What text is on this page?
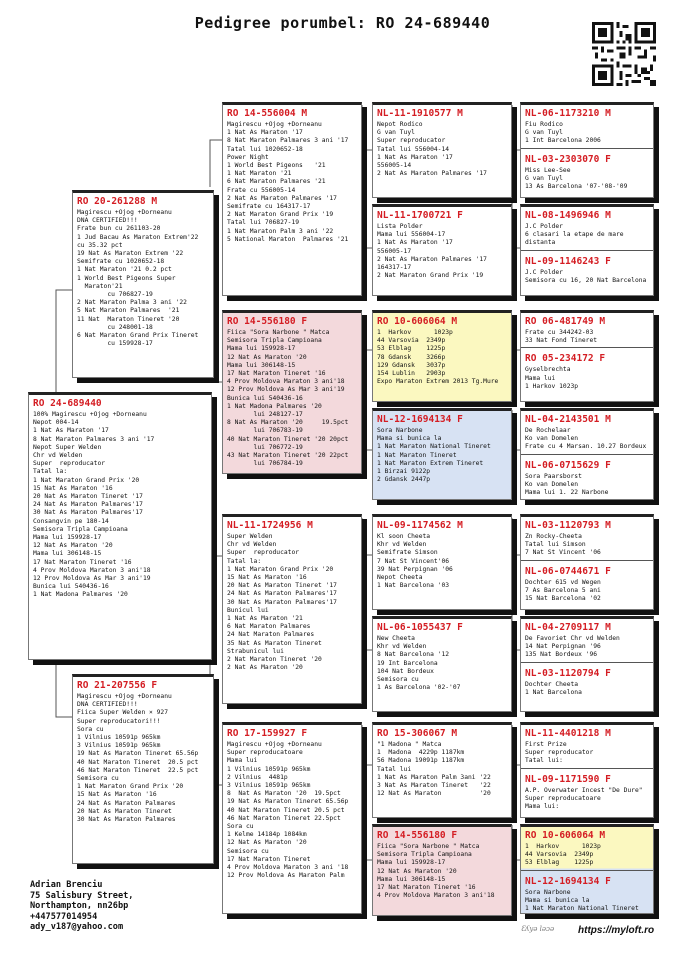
Pedigree porumbel: RO 24-689440
RO 24-689440
100% Magirescu +Ojog +Dorneanu
Nepot 004-14
1 Nat As Maraton '17
8 Nat Maraton Palmares 3 ani '17
Nepot Super Welden
Chr vd Welden
Super  reproducator
Tatal la:
1 Nat Maraton Grand Prix '20
15 Nat As Maraton '16
20 Nat As Maraton Tineret '17
24 Nat As Maraton Palmares'17
30 Nat As Maraton Palmares'17
Consangvin pe 180-14
Semisora Tripla Campioana
Mama lui 159928-17
12 Nat As Maraton '20
Mama lui 306148-15
17 Nat Maraton Tineret '16
4 Prov Moldova Maraton 3 ani'18
12 Prov Moldova As Mar 3 ani'19
Bunica lui 540436-16
1 Nat Madona Palmares '20
RO 20-261288 M
Magirescu +Ojog +Dorneanu
DNA CERTIFIED!!!
Frate bun cu 261103-20
1 Jud Bacau As Maraton Extrem'22
cu 35.32 pct
19 Nat As Maraton Extrem '22
Semifrate cu 1020652-18
1 Nat Maraton '21 0.2 pct
1 World Best Pigeons Super
Maraton'21
cu 706827-19
2 Nat Maraton Palma 3 ani '22
5 Nat Maraton Palmares  '21
11 Nat  Maraton Tineret '20
cu 248001-18
6 Nat Maraton Grand Prix Tineret
cu 159928-17
RO 21-207556 F
Magirescu +Ojog +Dorneanu
DNA CERTIFIED!!!
Fiica Super Welden × 927
Super reproducatori!!!
Sora cu
1 Vilnius 10591p 965km
3 Vilnius 10591p 965km
19 Nat As Maraton Tineret 65.56p
40 Nat Maraton Tineret  20.5 pct
46 Nat Maraton Tineret  22.5 pct
Semisora cu
1 Nat Maraton Grand Prix '20
15 Nat As Maraton '16
24 Nat As Maraton Palmares
20 Nat As Maraton Tineret
30 Nat As Maraton Palmares
RO 14-556004 M
Magirescu +Ojog +Dorneanu
1 Nat As Maraton '17
8 Nat Maraton Palmares 3 ani '17
Tatal lui 1020652-18
Power Night
1 World Best Pigeons   '21
1 Nat Maraton '21
6 Nat Maraton Palmares '21
Frate cu 556005-14
2 Nat As Maraton Palmares '17
Semifrate cu 164317-17
2 Nat Maraton Grand Prix '19
Tatal lui 706827-19
1 Nat Maraton Palm 3 ani '22
5 National Maraton  Palmares '21
RO 14-556180 F
Fiica "Sora Narbone " Matca
Semisora Tripla Campioana
Mama lui 159928-17
12 Nat As Maraton '20
Mama lui 306148-15
17 Nat Maraton Tineret '16
4 Prov Moldova Maraton 3 ani'18
12 Prov Moldova As Mar 3 ani'19
Bunica lui 540436-16
1 Nat Madona Palmares '20
lui 248127-17
8 Nat As Maraton '20     19.5pct
lui 706783-19
40 Nat Maraton Tineret '20 20pct
lui 706772-19
43 Nat Maraton Tineret '20 22pct
lui 706784-19
NL-11-1724956 M
Super Welden
Chr vd Welden
Super  reproducator
Tatal la:
1 Nat Maraton Grand Prix '20
15 Nat As Maraton '16
20 Nat As Maraton Tineret '17
24 Nat As Maraton Palmares'17
30 Nat As Maraton Palmares'17
Bunicul lui
1 Nat As Maraton '21
6 Nat Maraton Palmares
24 Nat Maraton Palmares
35 Nat As Maraton Tineret
Strabunicul lui
2 Nat Maraton Tineret '20
2 Nat As Maraton '20
RO 17-159927 F
Magirescu +Ojog +Dorneanu
Super reproducatoare
Mama lui
1 Vilnius 10591p 965km
2 Vilnius  4481p
3 Vilnius 10591p 965km
8  Nat As Maraton '20  19.5pct
19 Nat As Maraton Tineret 65.56p
40 Nat Maraton Tineret 20.5 pct
46 Nat Maraton Tineret 22.5pct
Sora cu
1 Kelme 14184p 1084km
12 Nat As Maraton '20
Semisora cu
17 Nat Maraton Tineret
4 Prov Moldova Maraton 3 ani '18
12 Prov Moldova As Maraton Palm
NL-11-1910577 M
Nepot Rodico
G van Tuyl
Super reproducator
Tatal lui 556004-14
1 Nat As Maraton '17
556005-14
2 Nat As Maraton Palmares '17
NL-11-1700721 F
Lista Polder
Mama lui 556004-17
1 Nat As Maraton '17
556005-17
2 Nat As Maraton Palmares '17
164317-17
2 Nat Maraton Grand Prix '19
RO 10-606064 M
1  Harkov      1023p
44 Varsovia  2349p
53 Elblag    1225p
78 Gdansk    3266p
129 Gdansk   3037p
154 Lublin   2903p
Expo Maraton Extrem 2013 Tg.Mure
NL-12-1694134 F
Sora Narbone
Mama si bunica la
1 Nat Maraton National Tineret
1 Nat Maraton Tineret
1 Nat Maraton Extrem Tineret
1 Birzai 9122p
2 Gdansk 2447p
NL-09-1174562 M
Kl soon Cheeta
Khr vd Welden
Semifrate Simson
7 Nat St Vincent'06
39 Nat Perpignan '06
Nepot Cheeta
1 Nat Barcelona '03
NL-06-1055437 F
New Cheeta
Khr vd Welden
8 Nat Barcelona '12
19 Int Barcelona
104 Nat Bordeux
Semisora cu
1 As Barcelona '02-'07
RO 15-306067 M
"1 Madona " Matca
1  Madona  4229p 1187km
56 Madona 19091p 1187km
Tatal lui
1 Nat As Maraton Palm 3ani '22
3 Nat As Maraton Tineret   '22
12 Nat As Maraton          '20
RO 14-556180 F
Fiica "Sora Narbone " Matca
Semisora Tripla Campioana
Mama lui 159928-17
12 Nat As Maraton '20
Mama lui 306148-15
17 Nat Maraton Tineret '16
4 Prov Moldova Maraton 3 ani'18
NL-06-1173210 M
Fiu Rodico
G van Tuyl
1 Int Barcelona 2006
NL-03-2303070 F
Miss Lee-See
G van Tuyl
13 As Barcelona '07-'08-'09
NL-08-1496946 M
J.C Polder
6 clasari la etape de mare
distanta
NL-09-1146243 F
J.C Polder
Semisora cu 16, 20 Nat Barcelona
RO 06-481749 M
Frate cu 344242-03
33 Nat Fond Tineret
RO 05-234172 F
Gyselbrechta
Mama lui
1 Harkov 1023p
NL-04-2143501 M
De Rochelaar
Ko van Domelen
Frate cu 4 Marsan. 10.27 Bordeux
NL-06-0715629 F
Sora Paarsborst
Ko van Domelen
Mama lui 1. 22 Narbone
NL-03-1120793 M
Zn Rocky-Cheeta
Tatal lui Simson
7 Nat St Vincent '06
NL-06-0744671 F
Dochter 615 vd Wegen
7 As Barcelona 5 ani
15 Nat Barcelona '02
NL-04-2709117 M
De Favoriet Chr vd Welden
14 Nat Perpignan '96
135 Nat Bordeux '96
NL-03-1120794 F
Dochter Cheeta
1 Nat Barcelona
NL-11-4401218 M
First Prize
Super reproducator
Tatal lui:
NL-09-1171590 F
A.P. Overwater Incest "De Dure"
Super reproducatoare
Mama lui:
RO 10-606064 M
1  Harkov      1023p
44 Varsovia  2349p
53 Elblag    1225p
NL-12-1694134 F
Sora Narbone
Mama si bunica la
1 Nat Maraton National Tineret
Adrian Brenciu
75 Salisbury Street,
Northampton, nn26bp
+447577014954
ady_v187@yahoo.com	Ɛʎyǝ lǝɔǝ https://myloft.ro
